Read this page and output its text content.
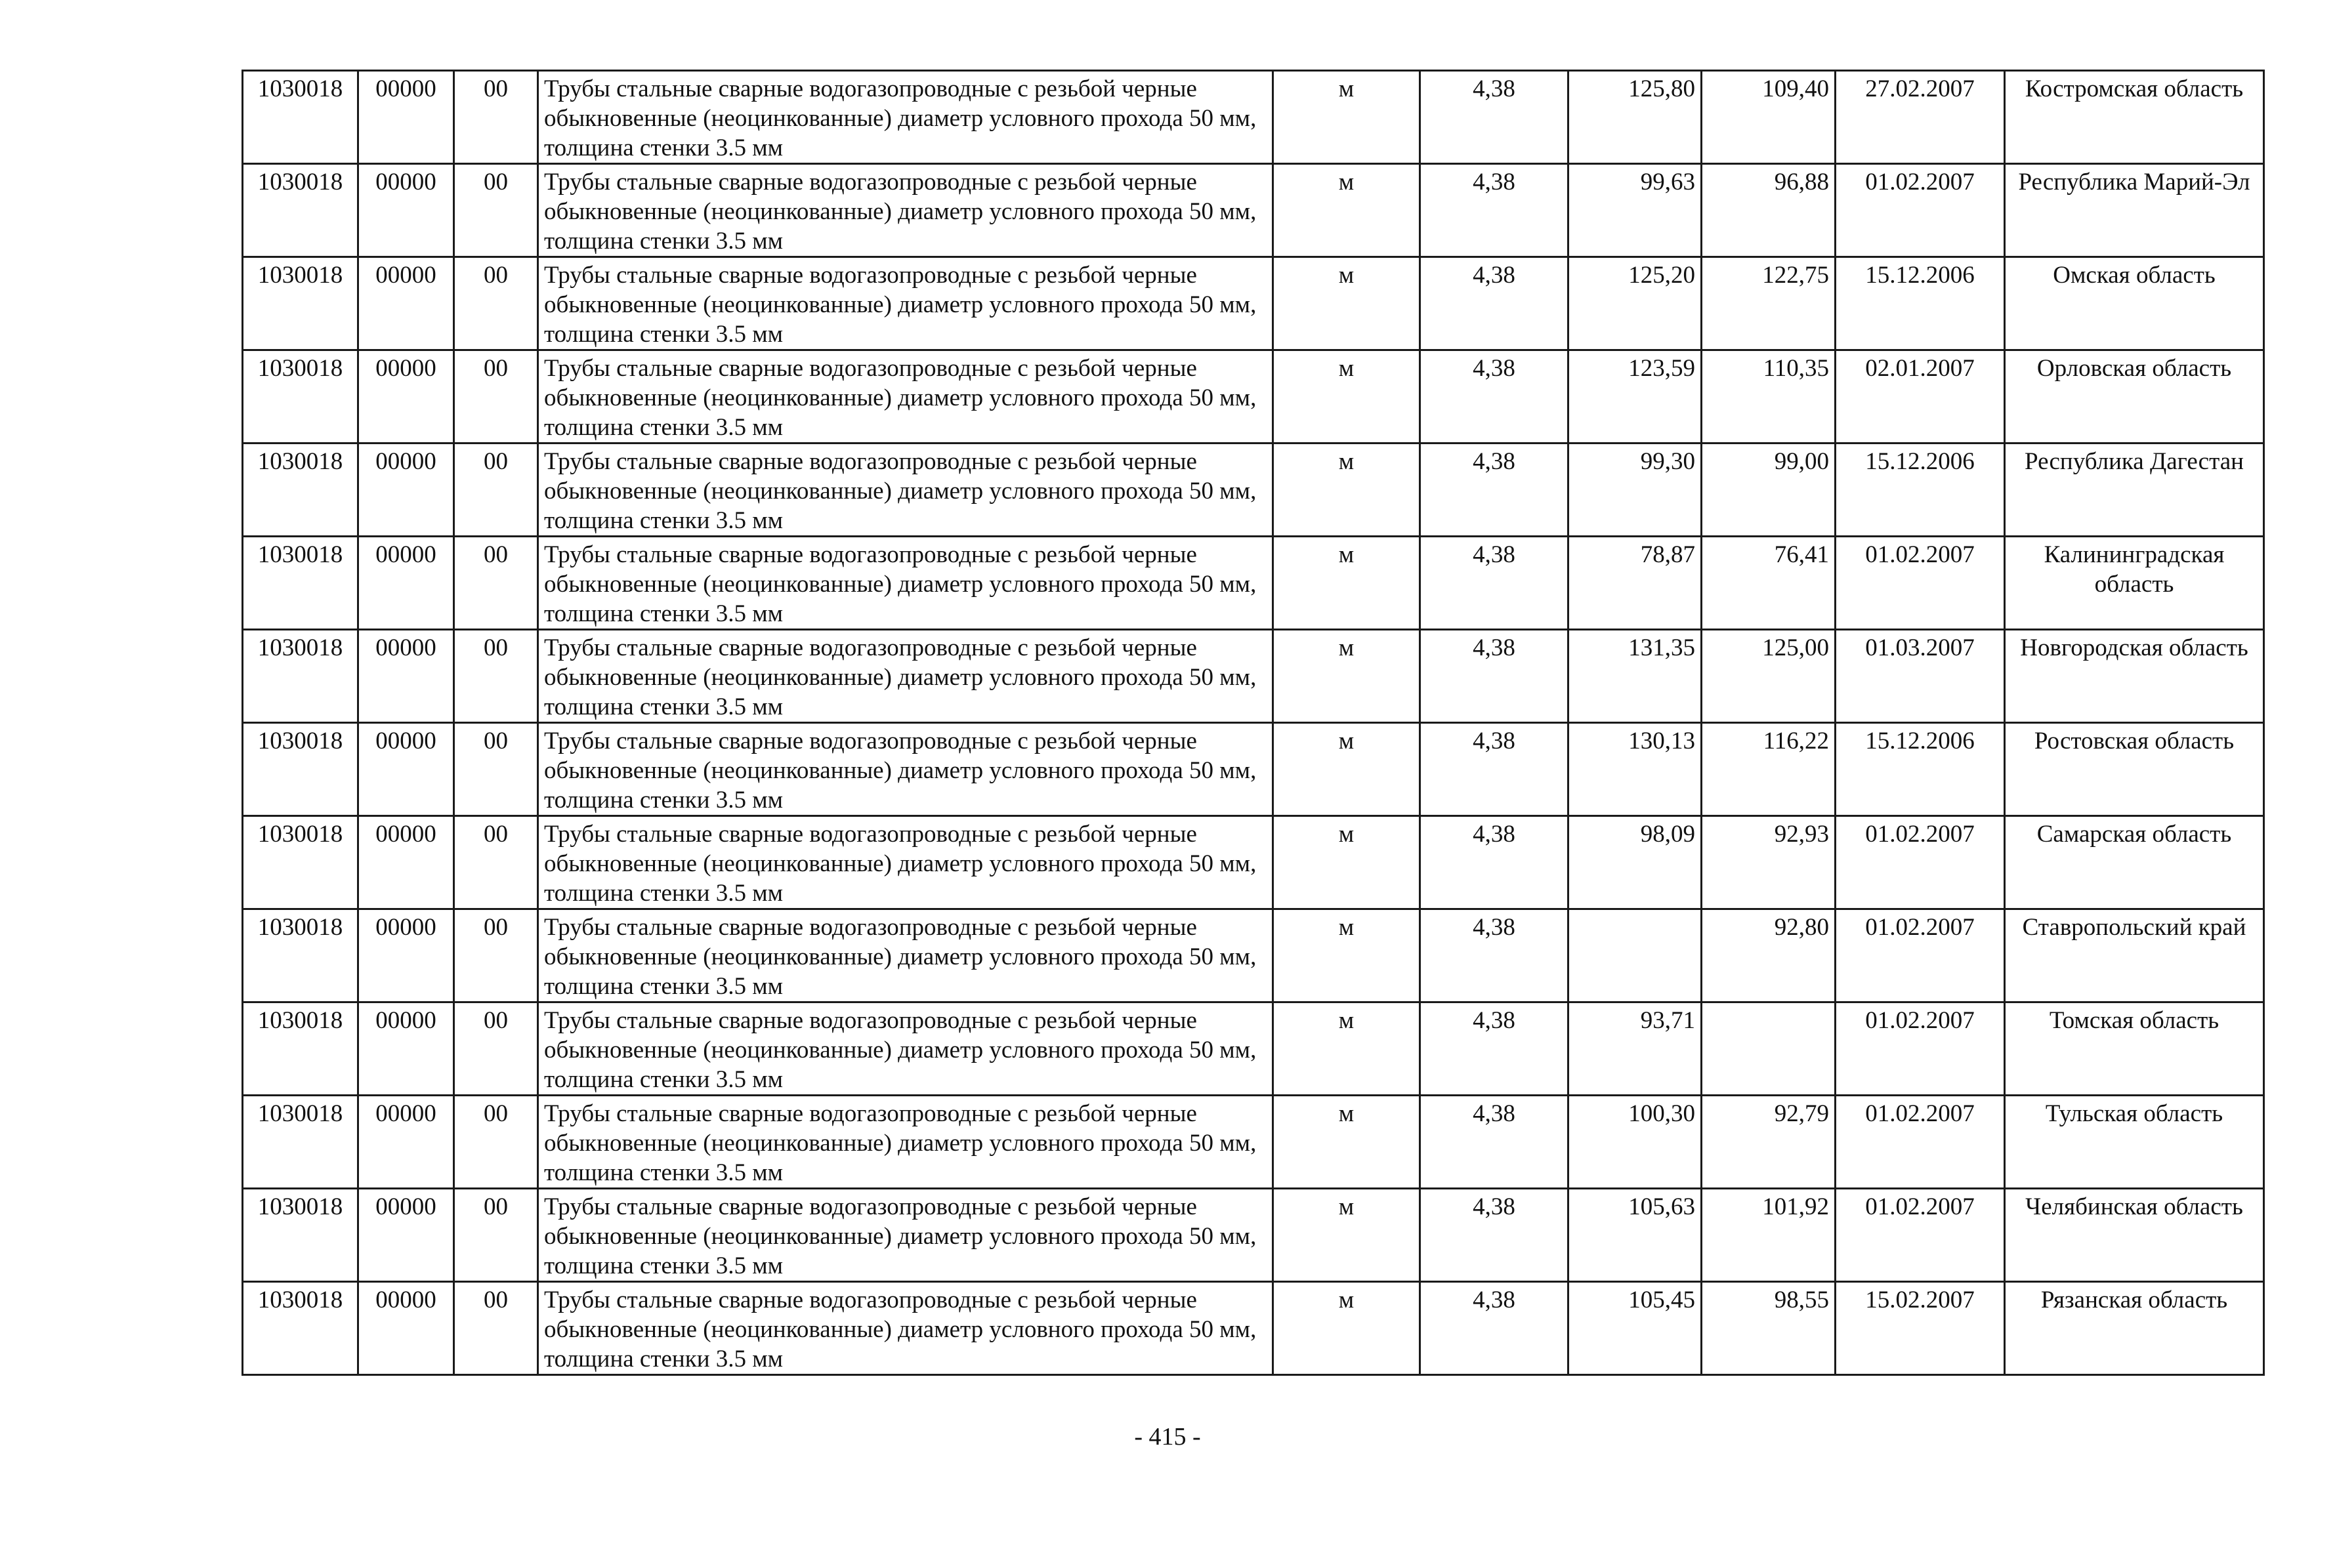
1030018	00000	00	Трубы стальные сварные водогазопроводные с резьбой черные обыкновенные (неоцинкованные) диаметр условного прохода 50 мм, толщина стенки 3.5 мм	м	4,38	125,80	109,40	27.02.2007	Костромская область
1030018	00000	00	Трубы стальные сварные водогазопроводные с резьбой черные обыкновенные (неоцинкованные) диаметр условного прохода 50 мм, толщина стенки 3.5 мм	м	4,38	99,63	96,88	01.02.2007	Республика Марий-Эл
1030018	00000	00	Трубы стальные сварные водогазопроводные с резьбой черные обыкновенные (неоцинкованные) диаметр условного прохода 50 мм, толщина стенки 3.5 мм	м	4,38	125,20	122,75	15.12.2006	Омская область
1030018	00000	00	Трубы стальные сварные водогазопроводные с резьбой черные обыкновенные (неоцинкованные) диаметр условного прохода 50 мм, толщина стенки 3.5 мм	м	4,38	123,59	110,35	02.01.2007	Орловская область
1030018	00000	00	Трубы стальные сварные водогазопроводные с резьбой черные обыкновенные (неоцинкованные) диаметр условного прохода 50 мм, толщина стенки 3.5 мм	м	4,38	99,30	99,00	15.12.2006	Республика Дагестан
1030018	00000	00	Трубы стальные сварные водогазопроводные с резьбой черные обыкновенные (неоцинкованные) диаметр условного прохода 50 мм, толщина стенки 3.5 мм	м	4,38	78,87	76,41	01.02.2007	Калининградская область
1030018	00000	00	Трубы стальные сварные водогазопроводные с резьбой черные обыкновенные (неоцинкованные) диаметр условного прохода 50 мм, толщина стенки 3.5 мм	м	4,38	131,35	125,00	01.03.2007	Новгородская область
1030018	00000	00	Трубы стальные сварные водогазопроводные с резьбой черные обыкновенные (неоцинкованные) диаметр условного прохода 50 мм, толщина стенки 3.5 мм	м	4,38	130,13	116,22	15.12.2006	Ростовская область
1030018	00000	00	Трубы стальные сварные водогазопроводные с резьбой черные обыкновенные (неоцинкованные) диаметр условного прохода 50 мм, толщина стенки 3.5 мм	м	4,38	98,09	92,93	01.02.2007	Самарская область
1030018	00000	00	Трубы стальные сварные водогазопроводные с резьбой черные обыкновенные (неоцинкованные) диаметр условного прохода 50 мм, толщина стенки 3.5 мм	м	4,38		92,80	01.02.2007	Ставропольский край
1030018	00000	00	Трубы стальные сварные водогазопроводные с резьбой черные обыкновенные (неоцинкованные) диаметр условного прохода 50 мм, толщина стенки 3.5 мм	м	4,38	93,71		01.02.2007	Томская область
1030018	00000	00	Трубы стальные сварные водогазопроводные с резьбой черные обыкновенные (неоцинкованные) диаметр условного прохода 50 мм, толщина стенки 3.5 мм	м	4,38	100,30	92,79	01.02.2007	Тульская область
1030018	00000	00	Трубы стальные сварные водогазопроводные с резьбой черные обыкновенные (неоцинкованные) диаметр условного прохода 50 мм, толщина стенки 3.5 мм	м	4,38	105,63	101,92	01.02.2007	Челябинская область
1030018	00000	00	Трубы стальные сварные водогазопроводные с резьбой черные обыкновенные (неоцинкованные) диаметр условного прохода 50 мм, толщина стенки 3.5 мм	м	4,38	105,45	98,55	15.02.2007	Рязанская область
- 415 -
